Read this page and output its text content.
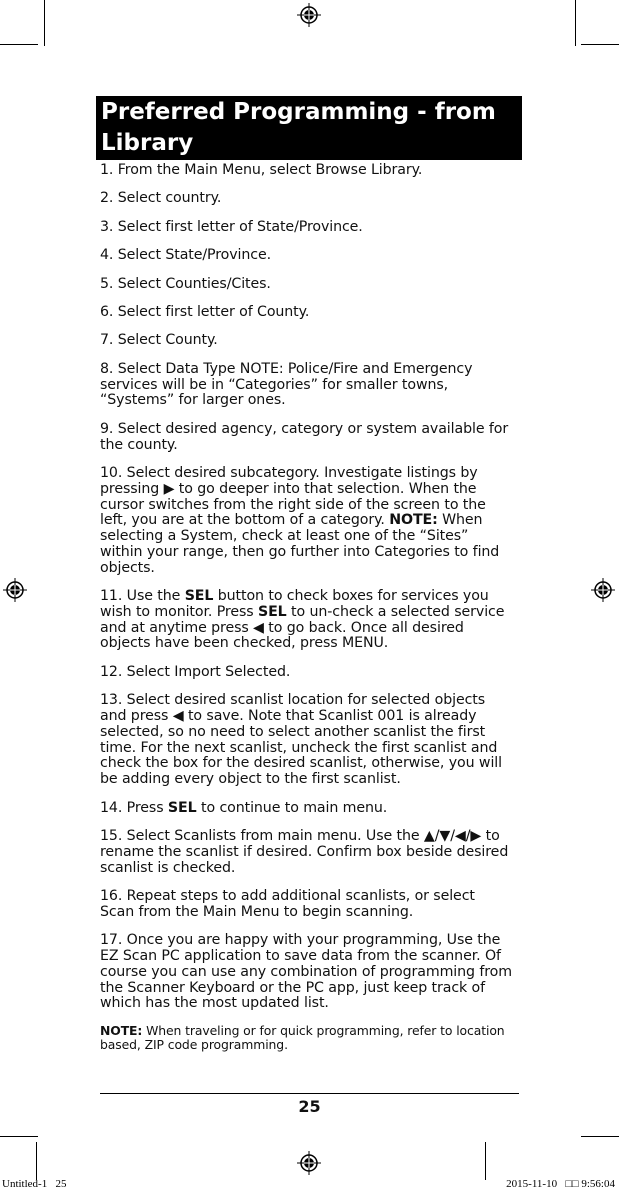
Preferred Programming - from Library

1. From the Main Menu, select Browse Library.

2. Select country.

3. Select first letter of State/Province.

4. Select State/Province.

5. Select Counties/Cites.

6. Select first letter of County.

7. Select County.

8. Select Data Type NOTE: Police/Fire and Emergency services will be in “Categories” for smaller towns, “Systems” for larger ones.

9. Select desired agency, category or system available for the county.

10. Select desired subcategory. Investigate listings by pressing ▶ to go deeper into that selection. When the cursor switches from the right side of the screen to the left, you are at the bottom of a category. NOTE: When selecting a System, check at least one of the “Sites” within your range, then go further into Categories to find objects.

11. Use the SEL button to check boxes for services you wish to monitor. Press SEL to un-check a selected service and at anytime press ◀ to go back. Once all desired objects have been checked, press MENU.

12. Select Import Selected.

13. Select desired scanlist location for selected objects and press ◀ to save. Note that Scanlist 001 is already selected, so no need to select another scanlist the first time. For the next scanlist, uncheck the first scanlist and check the box for the desired scanlist, otherwise, you will be adding every object to the first scanlist.

14. Press SEL to continue to main menu.

15. Select Scanlists from main menu. Use the ▲/▼/◀/▶ to rename the scanlist if desired. Confirm box beside desired scanlist is checked.

16. Repeat steps to add additional scanlists, or select Scan from the Main Menu to begin scanning.

17. Once you are happy with your programming, Use the EZ Scan PC application to save data from the scanner. Of course you can use any combination of programming from the Scanner Keyboard or the PC app, just keep track of which has the most updated list.

NOTE: When traveling or for quick programming, refer to location based, ZIP code programming.

25
Untitled-1   25	2015-11-10   □□ 9:56:04
